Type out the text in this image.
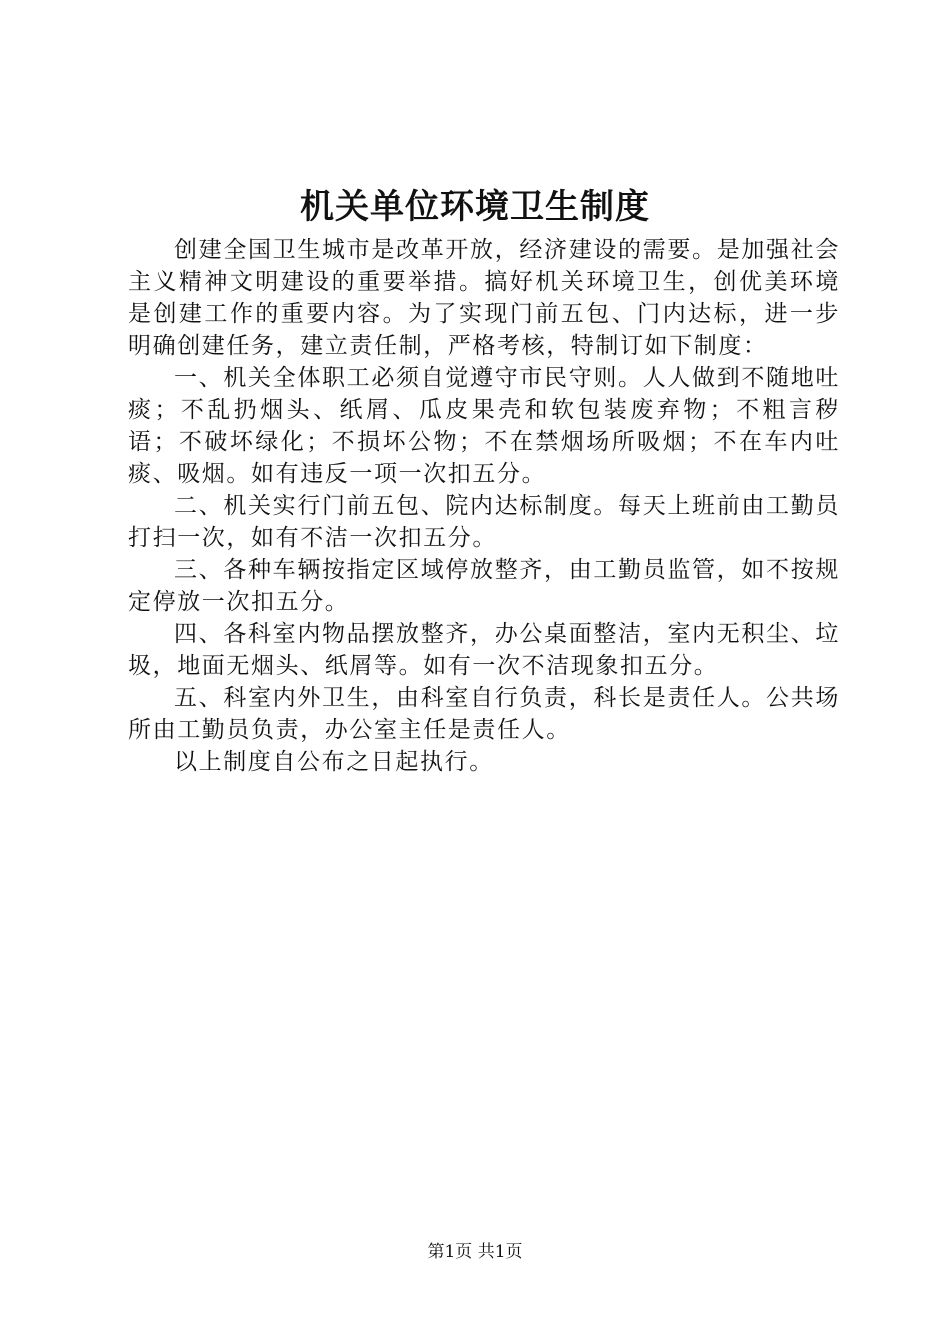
机关单位环境卫生制度

创建全国卫生城市是改革开放，经济建设的需要。是加强社会主义精神文明建设的重要举措。搞好机关环境卫生，创优美环境是创建工作的重要内容。为了实现门前五包、门内达标，进一步明确创建任务，建立责任制，严格考核，特制订如下制度：

一、机关全体职工必须自觉遵守市民守则。人人做到不随地吐痰；不乱扔烟头、纸屑、瓜皮果壳和软包装废弃物；不粗言秽语；不破坏绿化；不损坏公物；不在禁烟场所吸烟；不在车内吐痰、吸烟。如有违反一项一次扣五分。

二、机关实行门前五包、院内达标制度。每天上班前由工勤员打扫一次，如有不洁一次扣五分。

三、各种车辆按指定区域停放整齐，由工勤员监管，如不按规定停放一次扣五分。

四、各科室内物品摆放整齐，办公桌面整洁，室内无积尘、垃圾，地面无烟头、纸屑等。如有一次不洁现象扣五分。

五、科室内外卫生，由科室自行负责，科长是责任人。公共场所由工勤员负责，办公室主任是责任人。

以上制度自公布之日起执行。

第1页 共1页
